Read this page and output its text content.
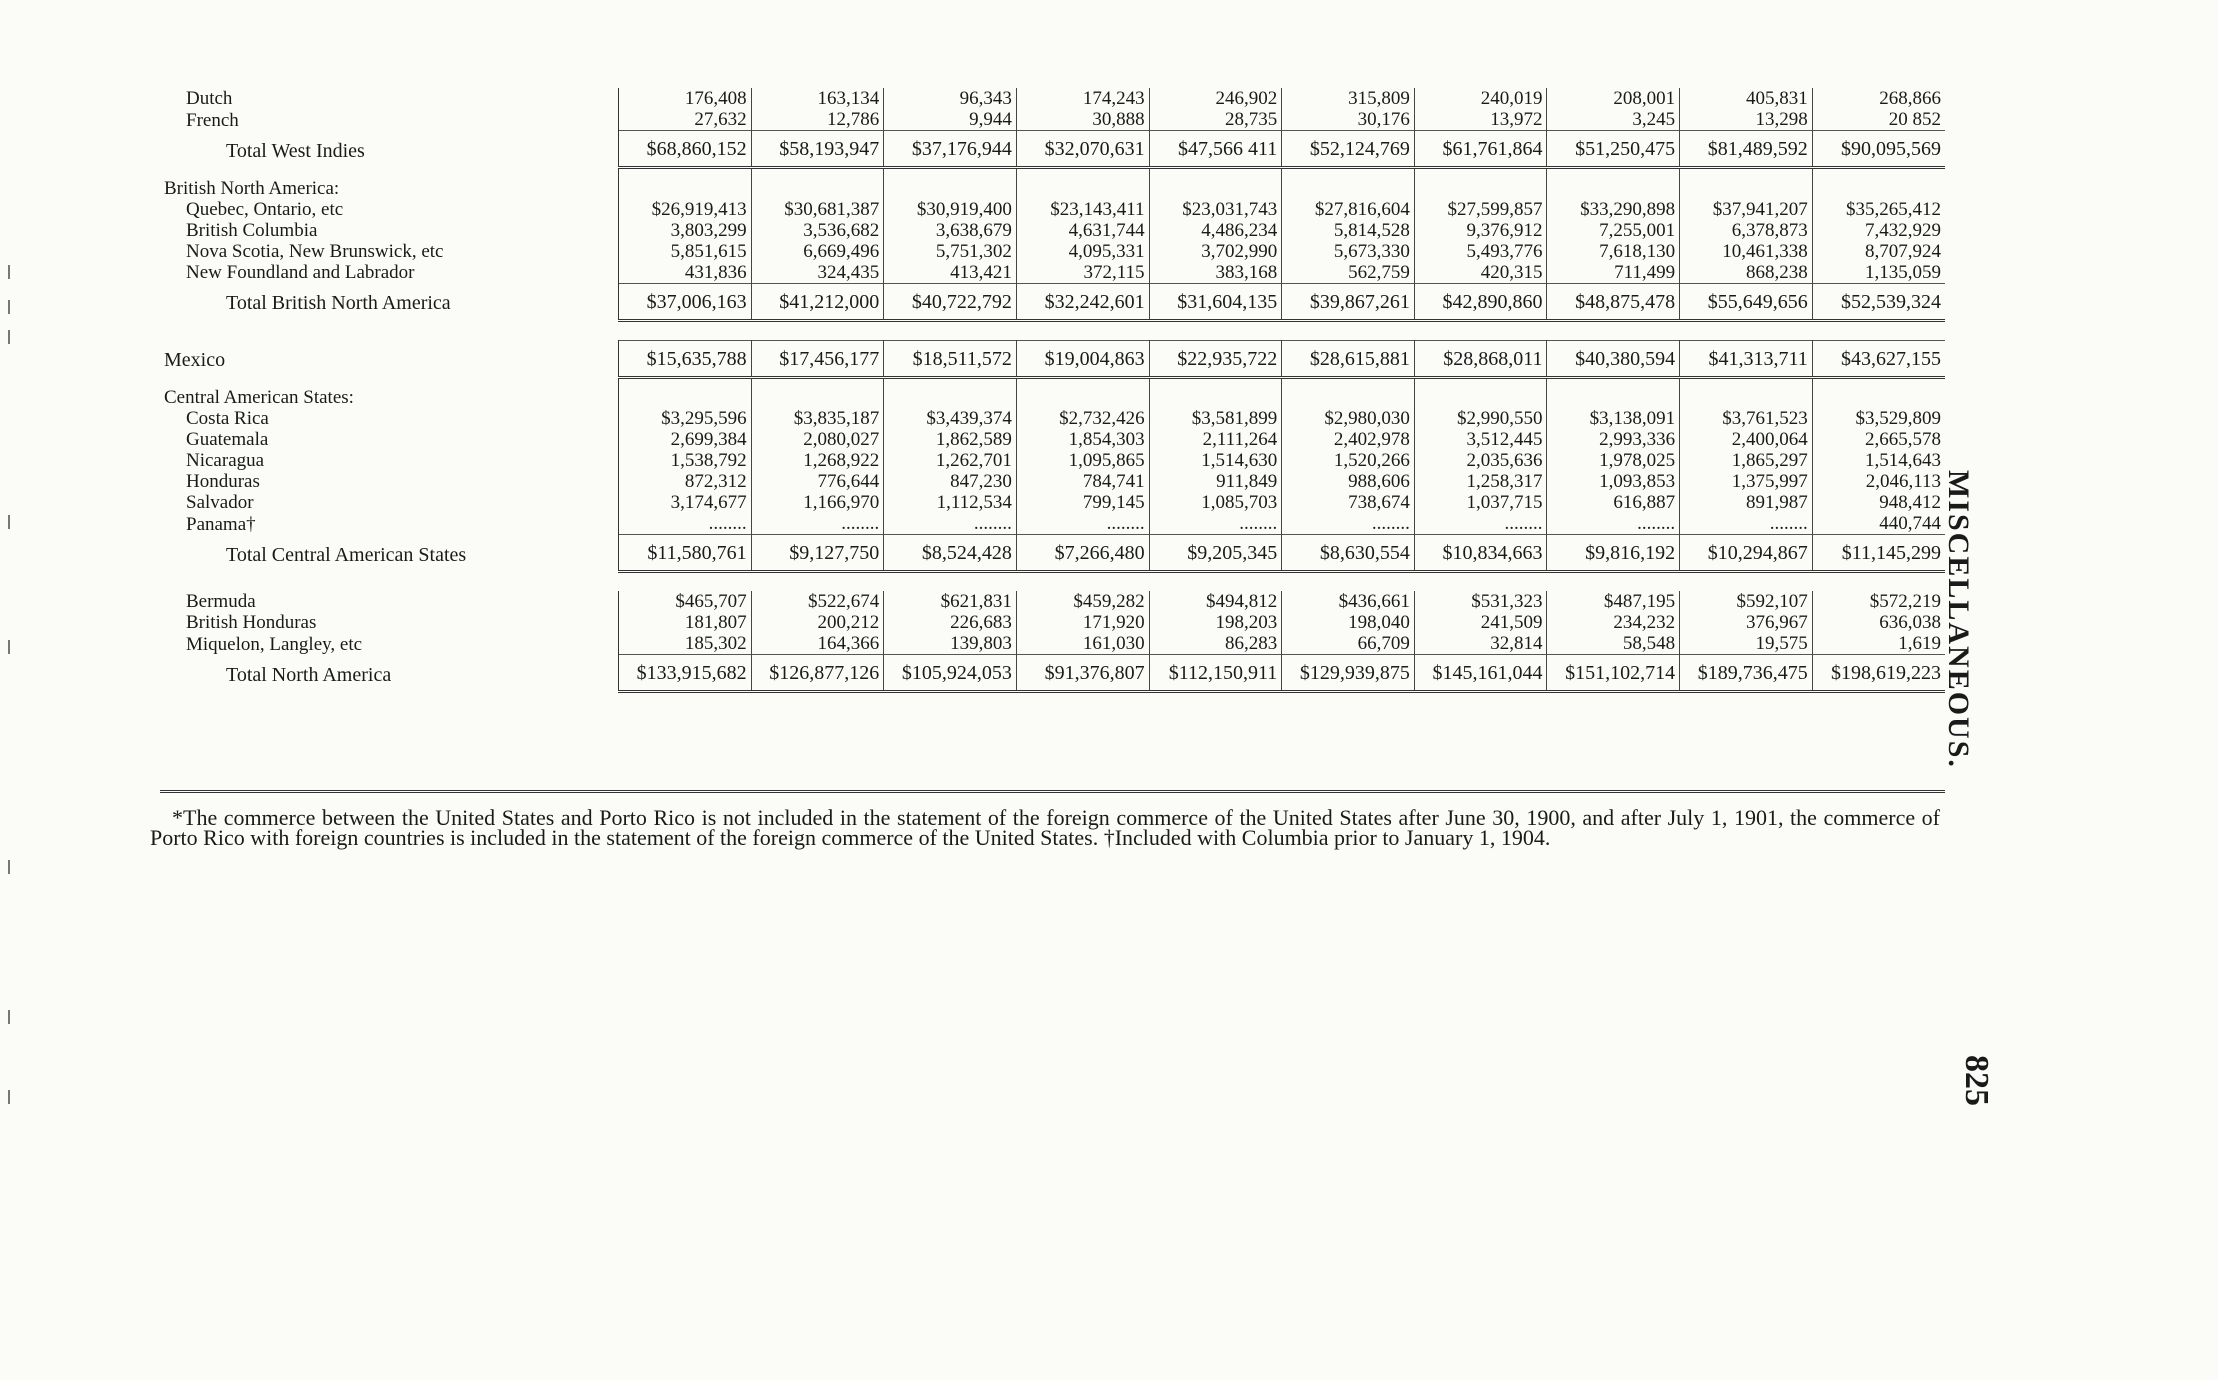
Dutch	176,408	163,134	96,343	174,243	246,902	315,809	240,019	208,001	405,831	268,866
French	27,632	12,786	9,944	30,888	28,735	30,176	13,972	3,245	13,298	20 852
Total West Indies	$68,860,152	$58,193,947	$37,176,944	$32,070,631	$47,566 411	$52,124,769	$61,761,864	$51,250,475	$81,489,592	$90,095,569
British North America:										
Quebec, Ontario, etc	$26,919,413	$30,681,387	$30,919,400	$23,143,411	$23,031,743	$27,816,604	$27,599,857	$33,290,898	$37,941,207	$35,265,412
British Columbia	3,803,299	3,536,682	3,638,679	4,631,744	4,486,234	5,814,528	9,376,912	7,255,001	6,378,873	7,432,929
Nova Scotia, New Brunswick, etc	5,851,615	6,669,496	5,751,302	4,095,331	3,702,990	5,673,330	5,493,776	7,618,130	10,461,338	8,707,924
New Foundland and Labrador	431,836	324,435	413,421	372,115	383,168	562,759	420,315	711,499	868,238	1,135,059
Total British North America	$37,006,163	$41,212,000	$40,722,792	$32,242,601	$31,604,135	$39,867,261	$42,890,860	$48,875,478	$55,649,656	$52,539,324

Mexico	$15,635,788	$17,456,177	$18,511,572	$19,004,863	$22,935,722	$28,615,881	$28,868,011	$40,380,594	$41,313,711	$43,627,155
Central American States:										
Costa Rica	$3,295,596	$3,835,187	$3,439,374	$2,732,426	$3,581,899	$2,980,030	$2,990,550	$3,138,091	$3,761,523	$3,529,809
Guatemala	2,699,384	2,080,027	1,862,589	1,854,303	2,111,264	2,402,978	3,512,445	2,993,336	2,400,064	2,665,578
Nicaragua	1,538,792	1,268,922	1,262,701	1,095,865	1,514,630	1,520,266	2,035,636	1,978,025	1,865,297	1,514,643
Honduras	872,312	776,644	847,230	784,741	911,849	988,606	1,258,317	1,093,853	1,375,997	2,046,113
Salvador	3,174,677	1,166,970	1,112,534	799,145	1,085,703	738,674	1,037,715	616,887	891,987	948,412
Panama†	........	........	........	........	........	........	........	........	........	440,744
Total Central American States	$11,580,761	$9,127,750	$8,524,428	$7,266,480	$9,205,345	$8,630,554	$10,834,663	$9,816,192	$10,294,867	$11,145,299

Bermuda	$465,707	$522,674	$621,831	$459,282	$494,812	$436,661	$531,323	$487,195	$592,107	$572,219
British Honduras	181,807	200,212	226,683	171,920	198,203	198,040	241,509	234,232	376,967	636,038
Miquelon, Langley, etc	185,302	164,366	139,803	161,030	86,283	66,709	32,814	58,548	19,575	1,619
Total North America	$133,915,682	$126,877,126	$105,924,053	$91,376,807	$112,150,911	$129,939,875	$145,161,044	$151,102,714	$189,736,475	$198,619,223
*The commerce between the United States and Porto Rico is not included in the statement of the foreign commerce of the United States after June 30, 1900, and after July 1, 1901, the commerce of Porto Rico with foreign countries is included in the statement of the foreign commerce of the United States. †Included with Columbia prior to January 1, 1904.
MISCELLANEOUS.
825
